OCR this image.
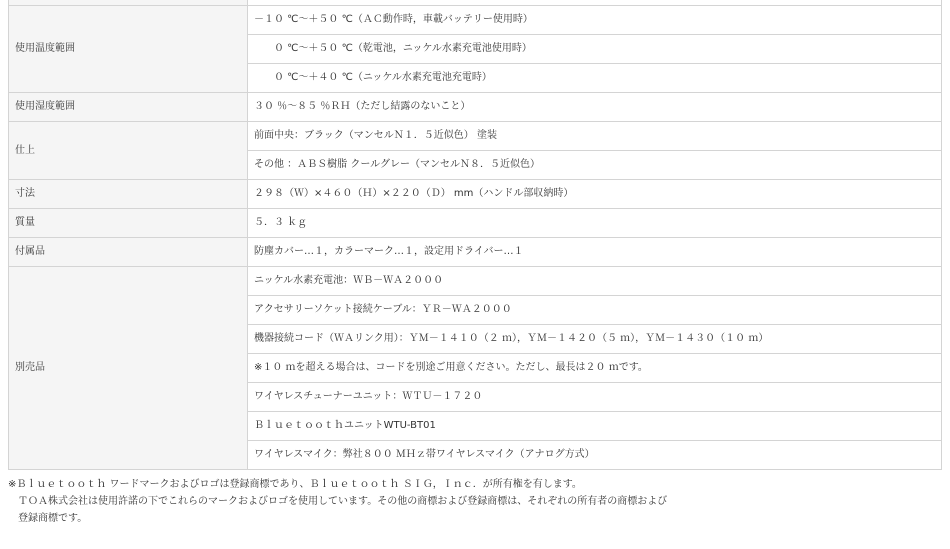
使用温度範囲	－１０ ℃～＋５０ ℃（ＡＣ動作時，車載バッテリー使用時）
	０ ℃～＋５０ ℃（乾電池，ニッケル水素充電池使用時）
	０ ℃～＋４０ ℃（ニッケル水素充電池充電時）
使用湿度範囲	３０ ％～８５ ％ＲＨ（ただし結露のないこと）
仕上	前面中央：ブラック（マンセルＮ１．５近似色） 塗装
	その他 ：ＡＢＳ樹脂 クールグレー（マンセルＮ８．５近似色）
寸法	２９８（Ｗ）×４６０（Ｈ）×２２０（Ｄ） mm（ハンドル部収納時）
質量	５．３ ｋｇ
付属品	防塵カバー…１，カラーマーク…１，設定用ドライバー…１
別売品	ニッケル水素充電池：ＷＢ－ＷＡ２０００
	アクセサリーソケット接続ケーブル：ＹＲ－ＷＡ２０００
	機器接続コード（ＷＡリンク用）：ＹＭ－１４１０（２ ｍ），ＹＭ－１４２０（５ ｍ），ＹＭ－１４３０（１０ ｍ）
	※１０ ｍを超える場合は、コードを別途ご用意ください。ただし、最長は２０ ｍです。
	ワイヤレスチューナーユニット：ＷＴＵ－１７２０
	ＢｌｕｅｔｏｏｔｈユニットWTU-BT01
	ワイヤレスマイク：弊社８００ ＭＨｚ帯ワイヤレスマイク（アナログ方式）
※Ｂｌｕｅｔｏｏｔｈ ワードマークおよびロゴは登録商標であり、Ｂｌｕｅｔｏｏｔｈ ＳＩＧ，Ｉｎｃ．が所有権を有します。
ＴＯＡ株式会社は使用許諾の下でこれらのマークおよびロゴを使用しています。その他の商標および登録商標は、それぞれの所有者の商標および
登録商標です。
